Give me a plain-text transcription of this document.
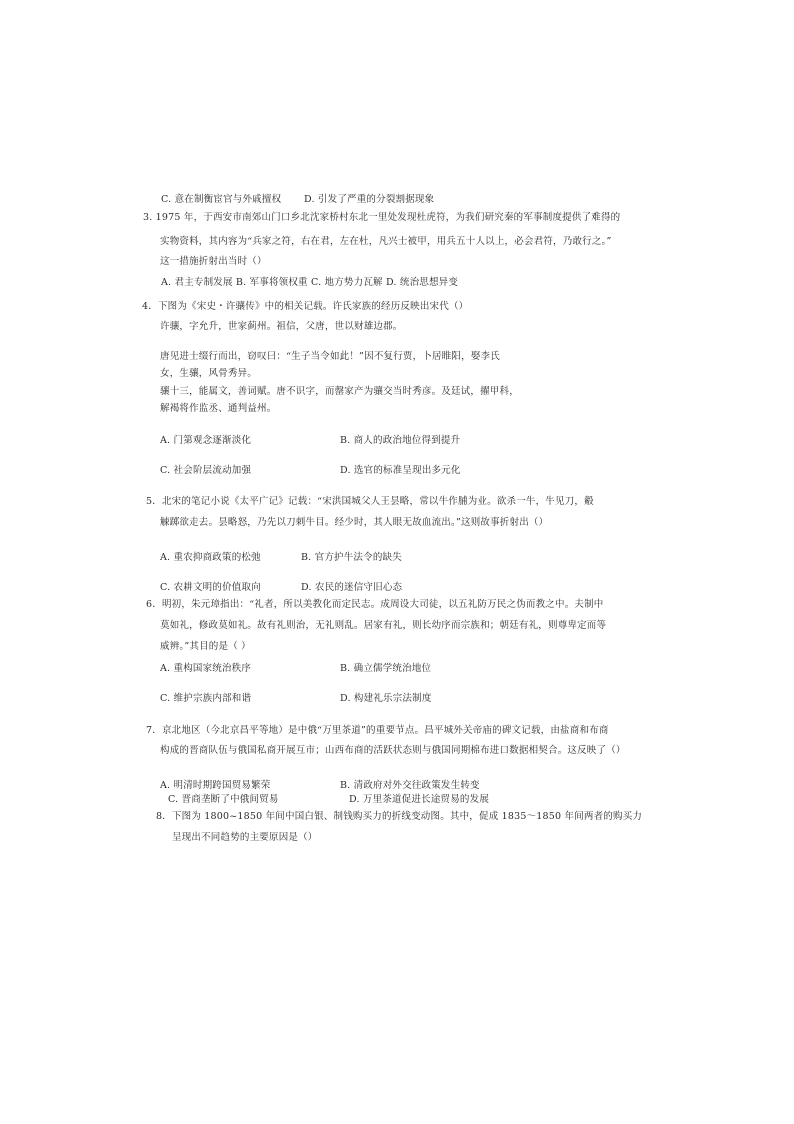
C. 意在制衡宦官与外戚擅权 D. 引发了严重的分裂割据现象
3. 1975 年，于西安市南郊山门口乡北沈家桥村东北一里处发现杜虎符，为我们研究秦的军事制度提供了难得的
实物资料，其内容为“兵家之符，右在君，左在杜，凡兴士被甲，用兵五十人以上，必会君符，乃敢行之。”
这一措施折射出当时（）
A. 君主专制发展 B. 军事将领权重 C. 地方势力瓦解 D. 统治思想异变
4．下图为《宋史・许骧传》中的相关记载。许氏家族的经历反映出宋代（）
许骧，字允升，世家蓟州。祖信，父唐，世以财雄边郡。
唐见进士缀行而出，窃叹曰：“生子当令如此！”因不复行贾，卜居睢阳，娶李氏
女，生骧，风骨秀异。
骧十三，能属文，善词赋。唐不识字，而罄家产为骧交当时秀彦。及廷试，擢甲科，
解褐将作监丞、通判益州。
A. 门第观念逐渐淡化	B. 商人的政治地位得到提升
C. 社会阶层流动加强	D. 选官的标准呈现出多元化
5．北宋的笔记小说《太平广记》记载：“宋洪国城父人王昙略，常以牛作脯为业。欲杀一牛，牛见刀，觳
觫踯欲走去。昙略怒，乃先以刀刺牛目。经少时，其人眼无故血流出。”这则故事折射出（）
A. 重农抑商政策的松弛	B. 官方护牛法令的缺失
C. 农耕文明的价值取向	D. 农民的迷信守旧心态
6．明初，朱元璋指出：“礼者，所以美教化而定民志。成周设大司徒，以五礼防万民之伪而教之中。夫制中
莫如礼，修政莫如礼。故有礼则治，无礼则乱。居家有礼，则长幼序而宗族和；朝廷有礼，则尊卑定而等
威辨。”其目的是（ ）
A. 重构国家统治秩序	B. 确立儒学统治地位
C. 维护宗族内部和谐	D. 构建礼乐宗法制度
7．京北地区（今北京昌平等地）是中俄“万里茶道”的重要节点。昌平城外关帝庙的碑文记载，由盐商和布商
构成的晋商队伍与俄国私商开展互市；山西布商的活跃状态则与俄国同期棉布进口数据相契合。这反映了（）
A. 明清时期跨国贸易繁荣	B. 清政府对外交往政策发生转变
C. 晋商垄断了中俄间贸易	D. 万里茶道促进长途贸易的发展
8．下图为 1800~1850 年间中国白银、制钱购买力的折线变动图。其中，促成 1835～1850 年间两者的购买力
呈现出不同趋势的主要原因是（）
